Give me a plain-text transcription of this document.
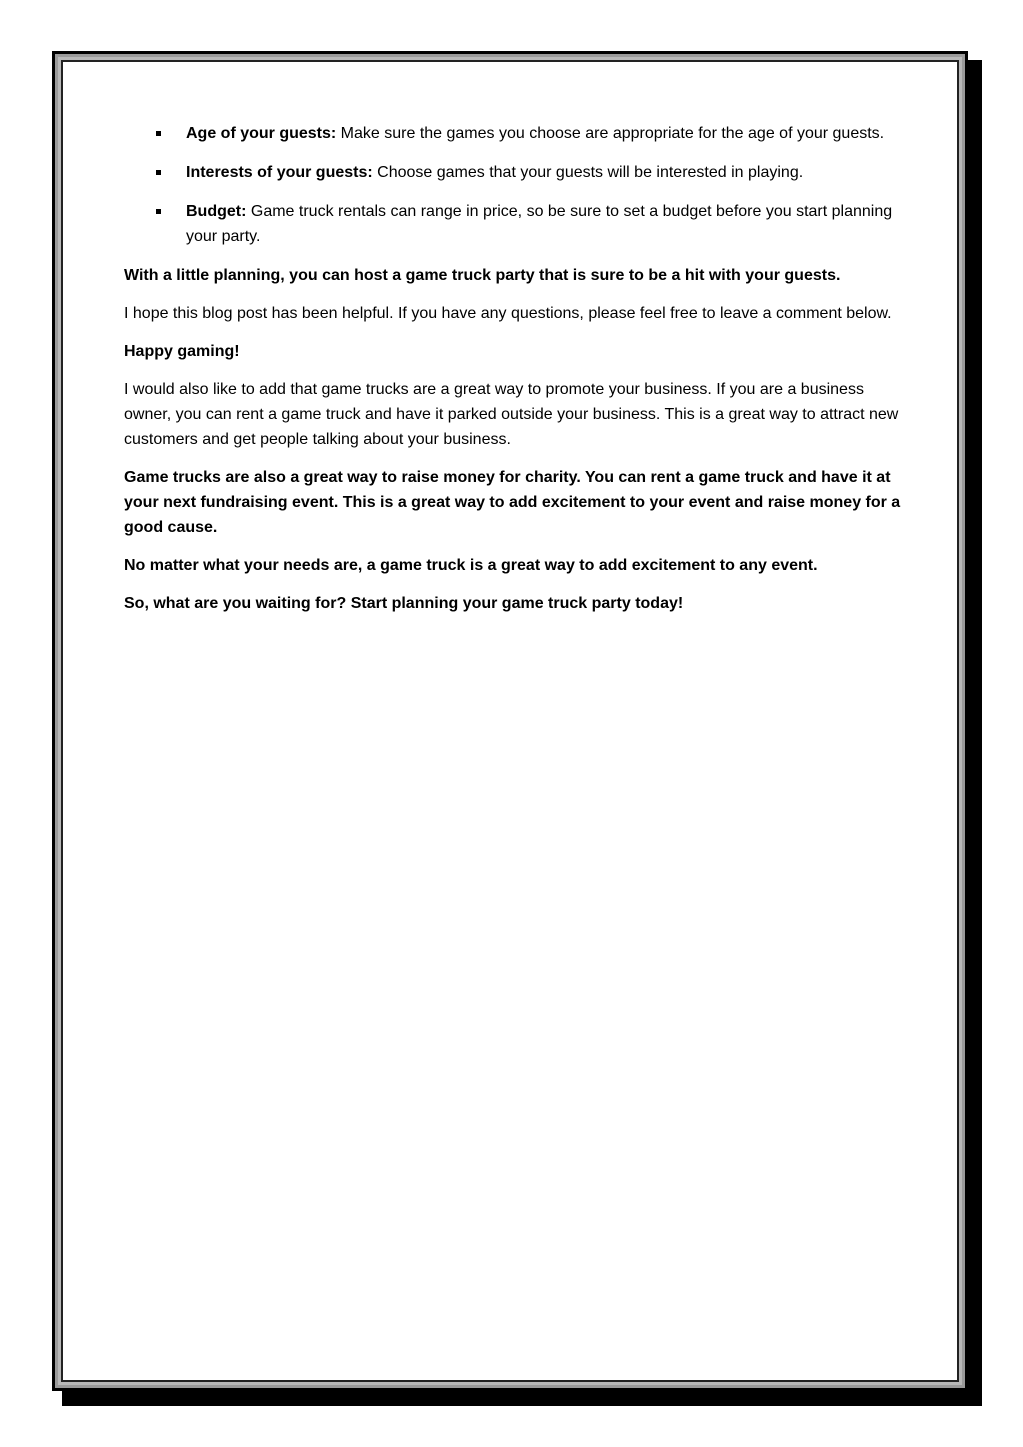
Age of your guests: Make sure the games you choose are appropriate for the age of your guests.
Interests of your guests: Choose games that your guests will be interested in playing.
Budget: Game truck rentals can range in price, so be sure to set a budget before you start planning your party.

With a little planning, you can host a game truck party that is sure to be a hit with your guests.

I hope this blog post has been helpful. If you have any questions, please feel free to leave a comment below.

Happy gaming!

I would also like to add that game trucks are a great way to promote your business. If you are a business owner, you can rent a game truck and have it parked outside your business. This is a great way to attract new customers and get people talking about your business.

Game trucks are also a great way to raise money for charity. You can rent a game truck and have it at your next fundraising event. This is a great way to add excitement to your event and raise money for a good cause.

No matter what your needs are, a game truck is a great way to add excitement to any event.

So, what are you waiting for? Start planning your game truck party today!
